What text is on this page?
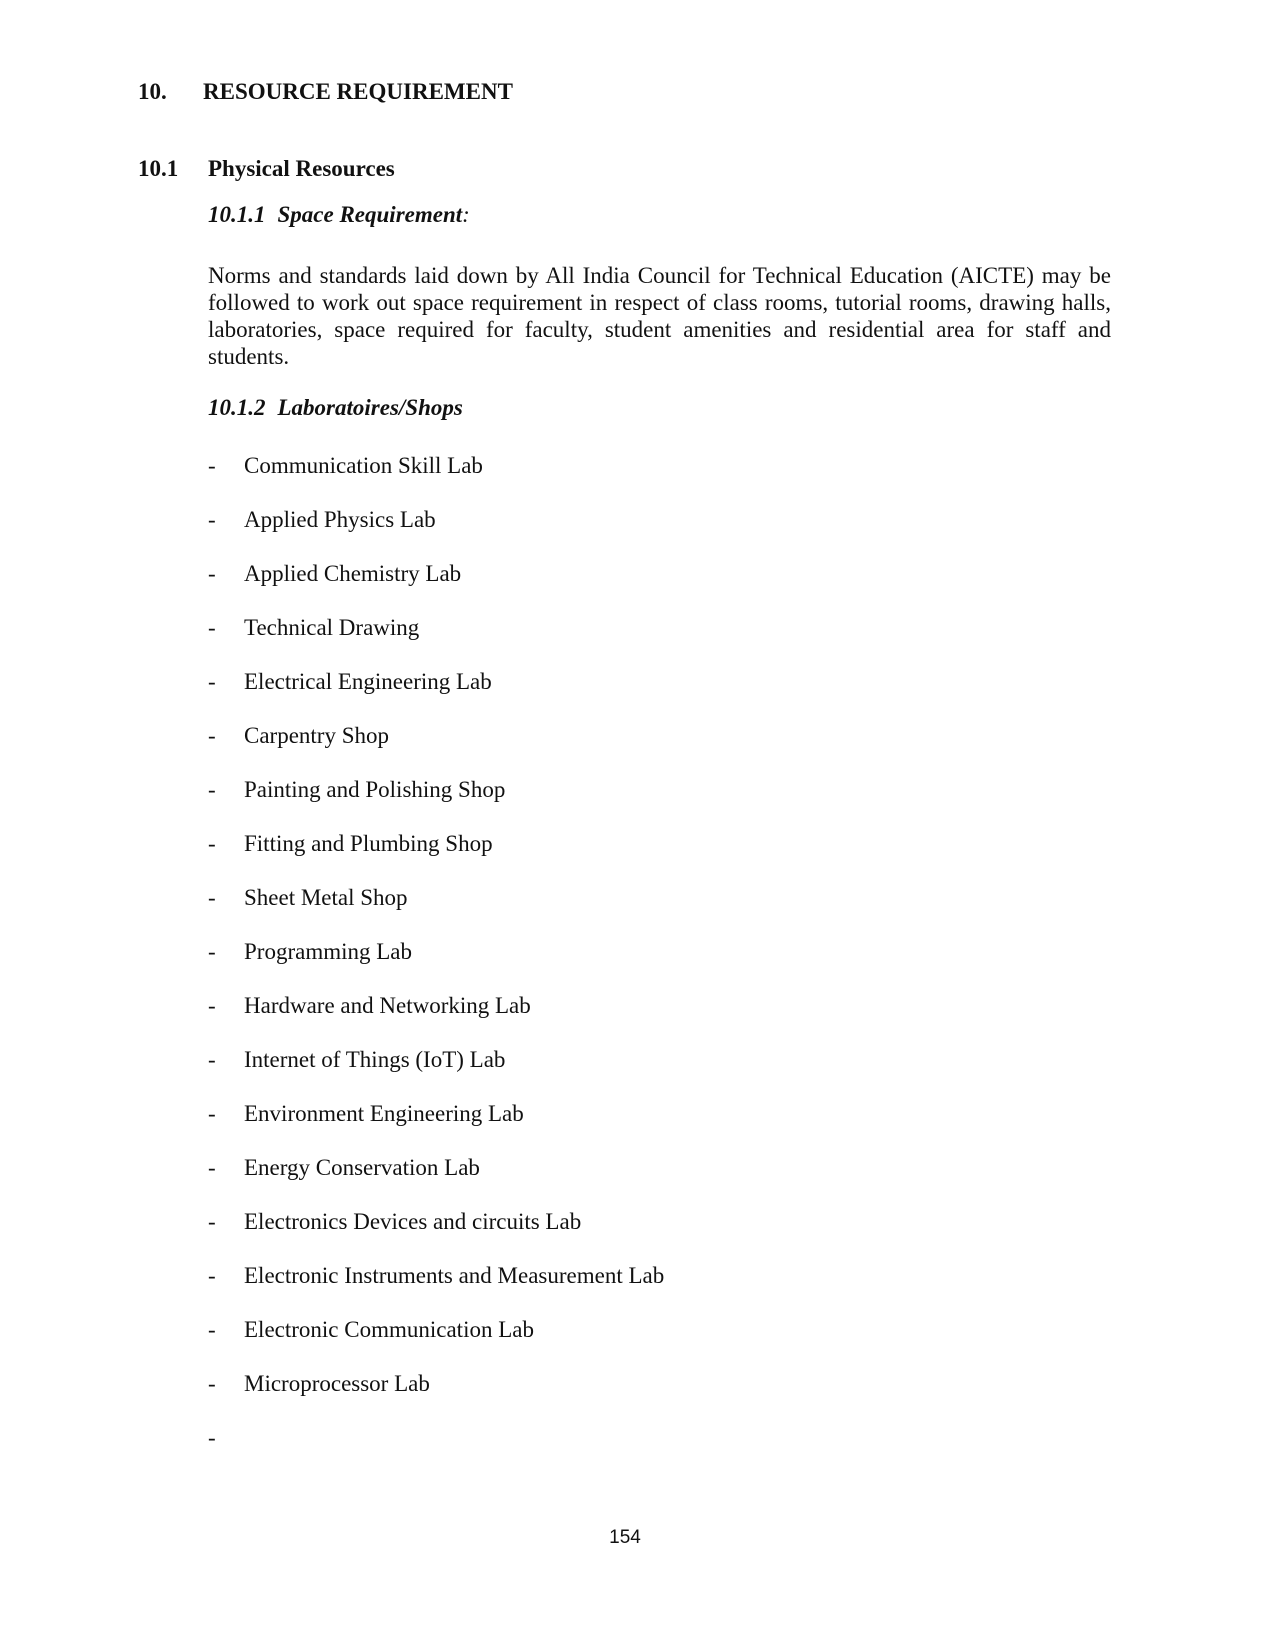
10. RESOURCE REQUIREMENT
10.1 Physical Resources
10.1.1 Space Requirement:
Norms and standards laid down by All India Council for Technical Education (AICTE) may be followed to work out space requirement in respect of class rooms, tutorial rooms, drawing halls, laboratories, space required for faculty, student amenities and residential area for staff and students.
10.1.2 Laboratoires/Shops
- Communication Skill Lab
- Applied Physics Lab
- Applied Chemistry Lab
- Technical Drawing
- Electrical Engineering Lab
- Carpentry Shop
- Painting and Polishing Shop
- Fitting and Plumbing Shop
- Sheet Metal Shop
- Programming Lab
- Hardware and Networking Lab
- Internet of Things (IoT) Lab
- Environment Engineering Lab
- Energy Conservation Lab
- Electronics Devices and circuits Lab
- Electronic Instruments and Measurement Lab
- Electronic Communication Lab
- Microprocessor Lab
-
154
